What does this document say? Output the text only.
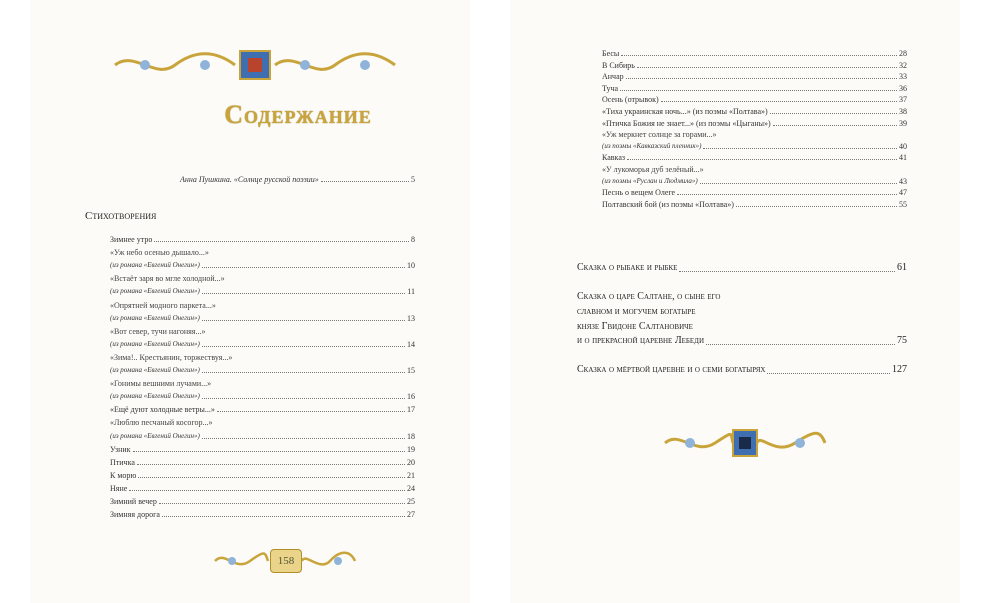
Содержание
Анна Пушкина. «Солнце русской поэзии»	5
Стихотворения
Зимнее утро	8
«Уж небо осенью дышало...»
(из романа «Евгений Онегин»)	10
«Встаёт заря во мгле холодной...»
(из романа «Евгений Онегин»)	11
«Опрятней модного паркета...»
(из романа «Евгений Онегин»)	13
«Вот север, тучи нагоняя...»
(из романа «Евгений Онегин»)	14
«Зима!.. Крестьянин, торжествуя...»
(из романа «Евгений Онегин»)	15
«Гонимы вешними лучами...»
(из романа «Евгений Онегин»)	16
«Ещё дуют холодные ветры...»	17
«Люблю песчаный косогор...»
(из романа «Евгений Онегин»)	18
Узник	19
Птичка	20
К морю	21
Няне	24
Зимний вечер	25
Зимняя дорога	27
158
Бесы	28
В Сибирь	32
Анчар	33
Туча	36
Осень (отрывок)	37
«Тиха украинская ночь...» (из поэмы «Полтава»)	38
«Птичка Божия не знает...» (из поэмы «Цыганы»)	39
«Уж меркнет солнце за горами...»
(из поэмы «Кавказский пленник»)	40
Кавказ	41
«У лукоморья дуб зелёный...»
(из поэмы «Руслан и Людмила»)	43
Песнь о вещем Олеге	47
Полтавский бой (из поэмы «Полтава»)	55
Сказка о рыбаке и рыбке	61
Сказка о царе Салтане, о сыне его
славном и могучем богатыре
князе Гвидоне Салтановиче
и о прекрасной царевне Лебеди	75
Сказка о мёртвой царевне и о семи богатырях	127
